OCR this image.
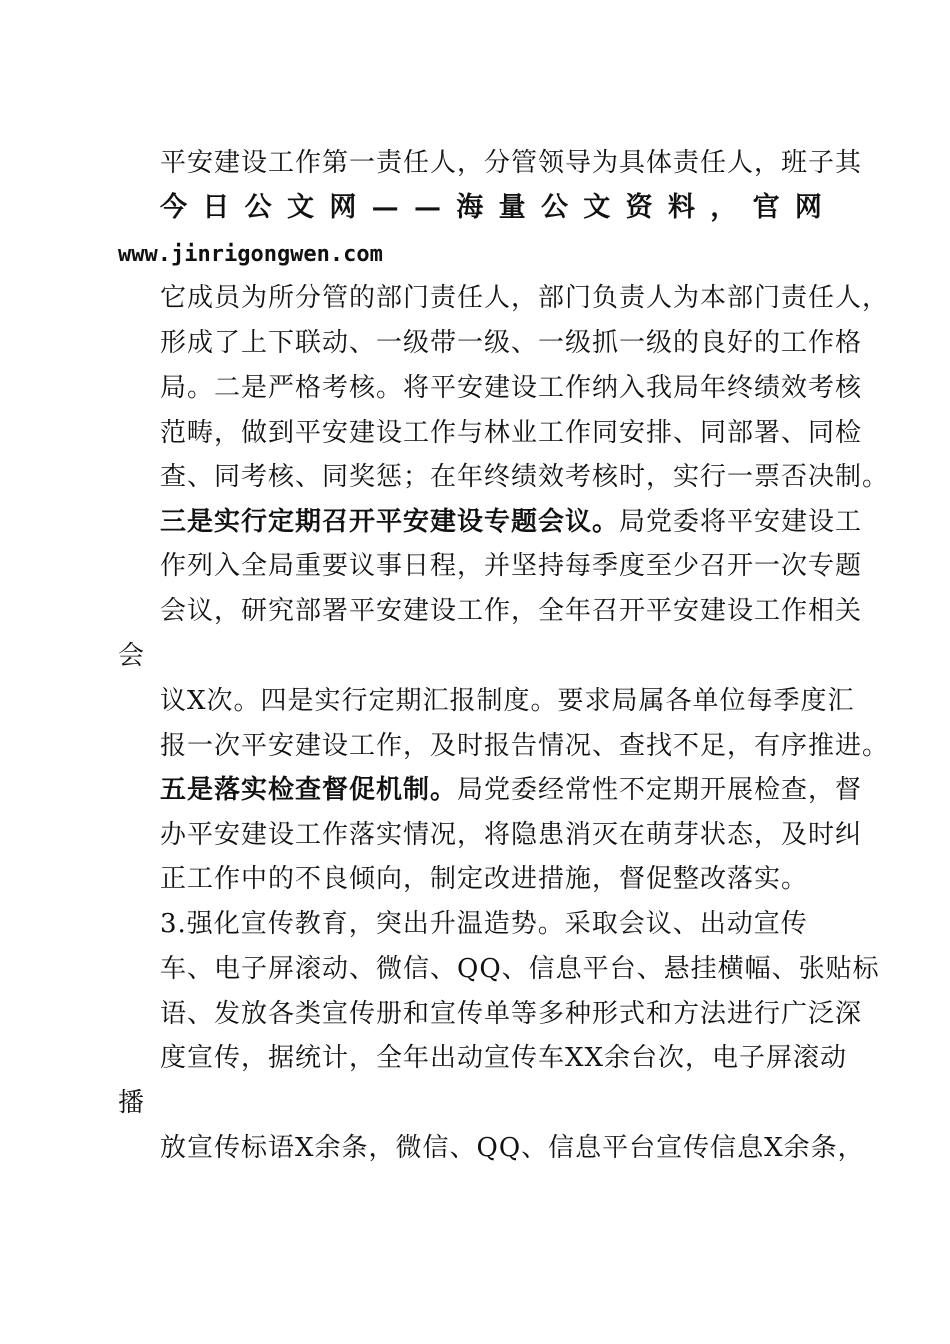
平安建设工作第一责任人，分管领导为具体责任人，班子其
今 日 公 文 网 — — 海 量 公 文 资 料 ， 官 网
www.jinrigongwen.com
它成员为所分管的部门责任人，部门负责人为本部门责任人，
形成了上下联动、一级带一级、一级抓一级的良好的工作格
局。二是严格考核。将平安建设工作纳入我局年终绩效考核
范畴，做到平安建设工作与林业工作同安排、同部署、同检
查、同考核、同奖惩；在年终绩效考核时，实行一票否决制。
三是实行定期召开平安建设专题会议。局党委将平安建设工
作列入全局重要议事日程，并坚持每季度至少召开一次专题
会议，研究部署平安建设工作，全年召开平安建设工作相关
会
议X次。四是实行定期汇报制度。要求局属各单位每季度汇
报一次平安建设工作，及时报告情况、查找不足，有序推进。
五是落实检查督促机制。局党委经常性不定期开展检查，督
办平安建设工作落实情况，将隐患消灭在萌芽状态，及时纠
正工作中的不良倾向，制定改进措施，督促整改落实。
3.强化宣传教育，突出升温造势。采取会议、出动宣传
车、电子屏滚动、微信、QQ、信息平台、悬挂横幅、张贴标
语、发放各类宣传册和宣传单等多种形式和方法进行广泛深
度宣传，据统计，全年出动宣传车XX余台次，电子屏滚动
播
放宣传标语X余条，微信、QQ、信息平台宣传信息X余条，
